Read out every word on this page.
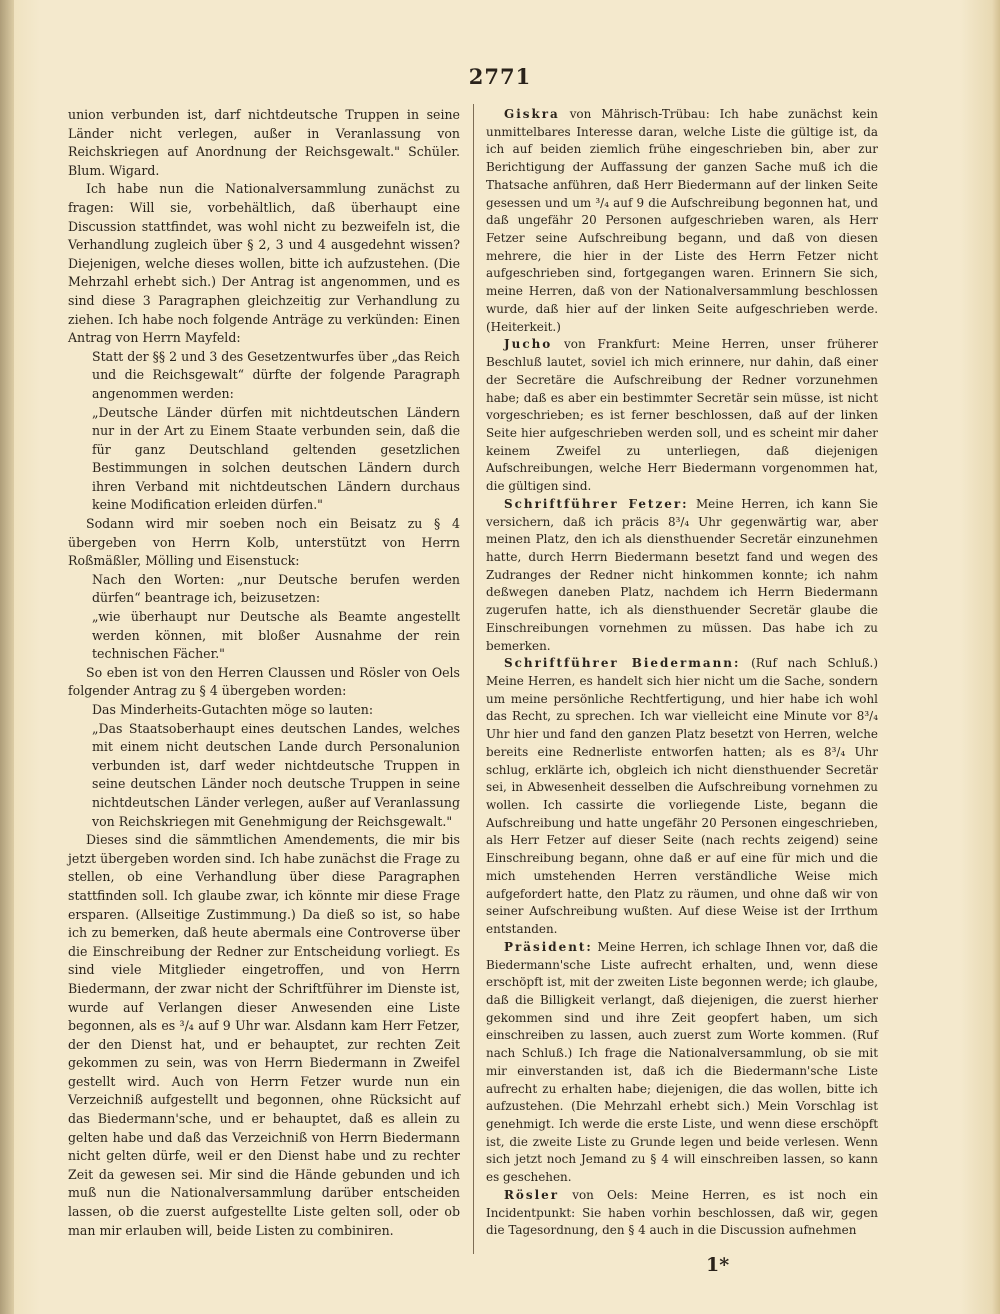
2771

union verbunden ist, darf nichtdeutsche Truppen in seine Länder nicht verlegen, außer in Veranlassung von Reichskriegen auf Anordnung der Reichsgewalt." Schüler. Blum. Wigard.

Ich habe nun die Nationalversammlung zunächst zu fragen: Will sie, vorbehältlich, daß überhaupt eine Discussion stattfindet, was wohl nicht zu bezweifeln ist, die Verhandlung zugleich über § 2, 3 und 4 ausgedehnt wissen? Diejenigen, welche dieses wollen, bitte ich aufzustehen. (Die Mehrzahl erhebt sich.) Der Antrag ist angenommen, und es sind diese 3 Paragraphen gleichzeitig zur Verhandlung zu ziehen. Ich habe noch folgende Anträge zu verkünden: Einen Antrag von Herrn Mayfeld:

Statt der §§ 2 und 3 des Gesetzentwurfes über „das Reich und die Reichsgewalt“ dürfte der folgende Paragraph angenommen werden:

„Deutsche Länder dürfen mit nichtdeutschen Ländern nur in der Art zu Einem Staate verbunden sein, daß die für ganz Deutschland geltenden gesetzlichen Bestimmungen in solchen deutschen Ländern durch ihren Verband mit nichtdeutschen Ländern durchaus keine Modification erleiden dürfen."

Sodann wird mir soeben noch ein Beisatz zu § 4 übergeben von Herrn Kolb, unterstützt von Herrn Roßmäßler, Mölling und Eisenstuck:

Nach den Worten: „nur Deutsche berufen werden dürfen“ beantrage ich, beizusetzen:

„wie überhaupt nur Deutsche als Beamte angestellt werden können, mit bloßer Ausnahme der rein technischen Fächer."

So eben ist von den Herren Claussen und Rösler von Oels folgender Antrag zu § 4 übergeben worden:

Das Minderheits-Gutachten möge so lauten:

„Das Staatsoberhaupt eines deutschen Landes, welches mit einem nicht deutschen Lande durch Personalunion verbunden ist, darf weder nichtdeutsche Truppen in seine deutschen Länder noch deutsche Truppen in seine nichtdeutschen Länder verlegen, außer auf Veranlassung von Reichskriegen mit Genehmigung der Reichsgewalt."

Dieses sind die sämmtlichen Amendements, die mir bis jetzt übergeben worden sind. Ich habe zunächst die Frage zu stellen, ob eine Verhandlung über diese Paragraphen stattfinden soll. Ich glaube zwar, ich könnte mir diese Frage ersparen. (Allseitige Zustimmung.) Da dieß so ist, so habe ich zu bemerken, daß heute abermals eine Controverse über die Einschreibung der Redner zur Entscheidung vorliegt. Es sind viele Mitglieder eingetroffen, und von Herrn Biedermann, der zwar nicht der Schriftführer im Dienste ist, wurde auf Verlangen dieser Anwesenden eine Liste begonnen, als es ³/₄ auf 9 Uhr war. Alsdann kam Herr Fetzer, der den Dienst hat, und er behauptet, zur rechten Zeit gekommen zu sein, was von Herrn Biedermann in Zweifel gestellt wird. Auch von Herrn Fetzer wurde nun ein Verzeichniß aufgestellt und begonnen, ohne Rücksicht auf das Biedermann'sche, und er behauptet, daß es allein zu gelten habe und daß das Verzeichniß von Herrn Biedermann nicht gelten dürfe, weil er den Dienst habe und zu rechter Zeit da gewesen sei. Mir sind die Hände gebunden und ich muß nun die Nationalversammlung darüber entscheiden lassen, ob die zuerst aufgestellte Liste gelten soll, oder ob man mir erlauben will, beide Listen zu combiniren.

Giskra von Mährisch-Trübau: Ich habe zunächst kein unmittelbares Interesse daran, welche Liste die gültige ist, da ich auf beiden ziemlich frühe eingeschrieben bin, aber zur Berichtigung der Auffassung der ganzen Sache muß ich die Thatsache anführen, daß Herr Biedermann auf der linken Seite gesessen und um ³/₄ auf 9 die Aufschreibung begonnen hat, und daß ungefähr 20 Personen aufgeschrieben waren, als Herr Fetzer seine Aufschreibung begann, und daß von diesen mehrere, die hier in der Liste des Herrn Fetzer nicht aufgeschrieben sind, fortgegangen waren. Erinnern Sie sich, meine Herren, daß von der Nationalversammlung beschlossen wurde, daß hier auf der linken Seite aufgeschrieben werde. (Heiterkeit.)

Jucho von Frankfurt: Meine Herren, unser früherer Beschluß lautet, soviel ich mich erinnere, nur dahin, daß einer der Secretäre die Aufschreibung der Redner vorzunehmen habe; daß es aber ein bestimmter Secretär sein müsse, ist nicht vorgeschrieben; es ist ferner beschlossen, daß auf der linken Seite hier aufgeschrieben werden soll, und es scheint mir daher keinem Zweifel zu unterliegen, daß diejenigen Aufschreibungen, welche Herr Biedermann vorgenommen hat, die gültigen sind.

Schriftführer Fetzer: Meine Herren, ich kann Sie versichern, daß ich präcis 8³/₄ Uhr gegenwärtig war, aber meinen Platz, den ich als diensthuender Secretär einzunehmen hatte, durch Herrn Biedermann besetzt fand und wegen des Zudranges der Redner nicht hinkommen konnte; ich nahm deßwegen daneben Platz, nachdem ich Herrn Biedermann zugerufen hatte, ich als diensthuender Secretär glaube die Einschreibungen vornehmen zu müssen. Das habe ich zu bemerken.

Schriftführer Biedermann: (Ruf nach Schluß.) Meine Herren, es handelt sich hier nicht um die Sache, sondern um meine persönliche Rechtfertigung, und hier habe ich wohl das Recht, zu sprechen. Ich war vielleicht eine Minute vor 8³/₄ Uhr hier und fand den ganzen Platz besetzt von Herren, welche bereits eine Rednerliste entworfen hatten; als es 8³/₄ Uhr schlug, erklärte ich, obgleich ich nicht diensthuender Secretär sei, in Abwesenheit desselben die Aufschreibung vornehmen zu wollen. Ich cassirte die vorliegende Liste, begann die Aufschreibung und hatte ungefähr 20 Personen eingeschrieben, als Herr Fetzer auf dieser Seite (nach rechts zeigend) seine Einschreibung begann, ohne daß er auf eine für mich und die mich umstehenden Herren verständliche Weise mich aufgefordert hatte, den Platz zu räumen, und ohne daß wir von seiner Aufschreibung wußten. Auf diese Weise ist der Irrthum entstanden.

Präsident: Meine Herren, ich schlage Ihnen vor, daß die Biedermann'sche Liste aufrecht erhalten, und, wenn diese erschöpft ist, mit der zweiten Liste begonnen werde; ich glaube, daß die Billigkeit verlangt, daß diejenigen, die zuerst hierher gekommen sind und ihre Zeit geopfert haben, um sich einschreiben zu lassen, auch zuerst zum Worte kommen. (Ruf nach Schluß.) Ich frage die Nationalversammlung, ob sie mit mir einverstanden ist, daß ich die Biedermann'sche Liste aufrecht zu erhalten habe; diejenigen, die das wollen, bitte ich aufzustehen. (Die Mehrzahl erhebt sich.) Mein Vorschlag ist genehmigt. Ich werde die erste Liste, und wenn diese erschöpft ist, die zweite Liste zu Grunde legen und beide verlesen. Wenn sich jetzt noch Jemand zu § 4 will einschreiben lassen, so kann es geschehen.

Rösler von Oels: Meine Herren, es ist noch ein Incidentpunkt: Sie haben vorhin beschlossen, daß wir, gegen die Tagesordnung, den § 4 auch in die Discussion aufnehmen

1*
